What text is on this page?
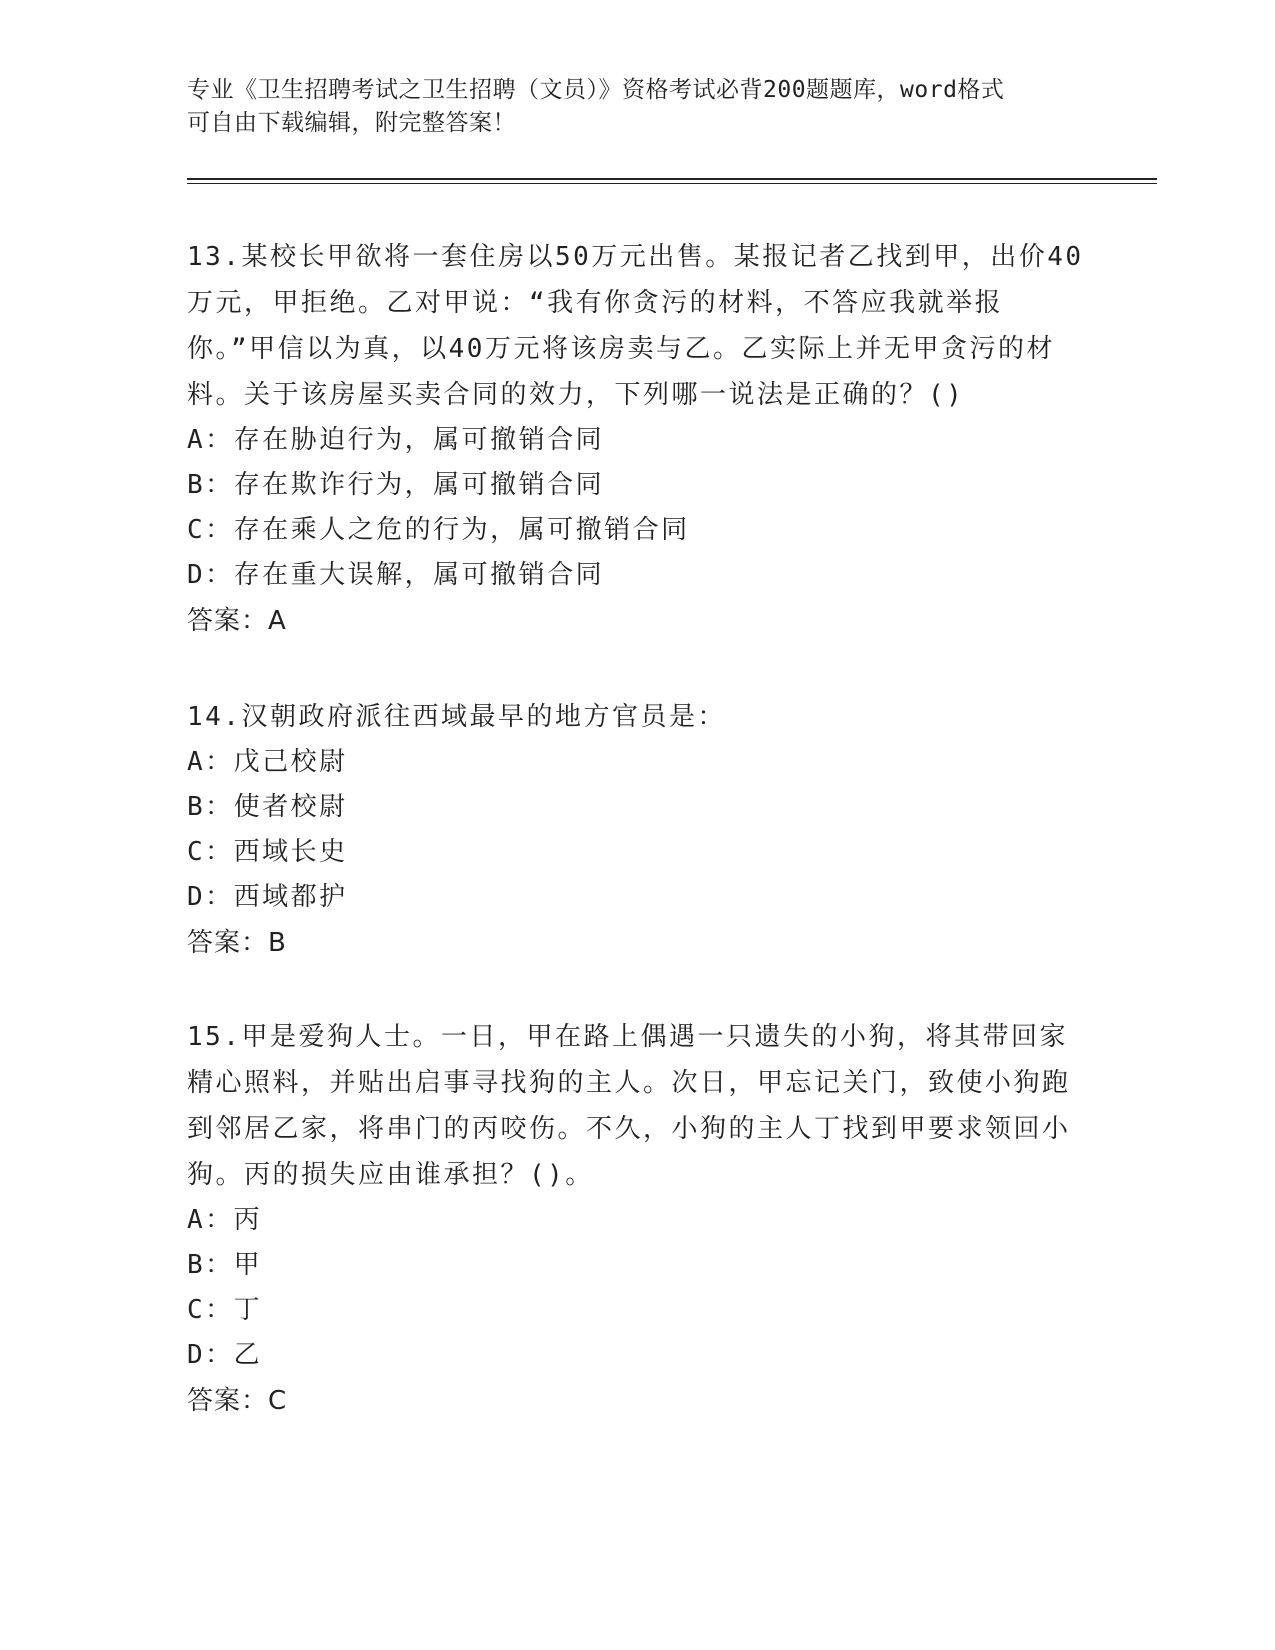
专业《卫生招聘考试之卫生招聘（文员）》资格考试必背200题题库，word格式
可自由下载编辑，附完整答案！

13.某校长甲欲将一套住房以50万元出售。某报记者乙找到甲，出价40万元，甲拒绝。乙对甲说：“我有你贪污的材料，不答应我就举报你。”甲信以为真，以40万元将该房卖与乙。乙实际上并无甲贪污的材料。关于该房屋买卖合同的效力，下列哪一说法是正确的？()

A：存在胁迫行为，属可撤销合同

B：存在欺诈行为，属可撤销合同

C：存在乘人之危的行为，属可撤销合同

D：存在重大误解，属可撤销合同

答案：A

14.汉朝政府派往西域最早的地方官员是：

A：戊己校尉

B：使者校尉

C：西域长史

D：西域都护

答案：B

15.甲是爱狗人士。一日，甲在路上偶遇一只遗失的小狗，将其带回家精心照料，并贴出启事寻找狗的主人。次日，甲忘记关门，致使小狗跑到邻居乙家，将串门的丙咬伤。不久，小狗的主人丁找到甲要求领回小狗。丙的损失应由谁承担？()。

A：丙

B：甲

C：丁

D：乙

答案：C
